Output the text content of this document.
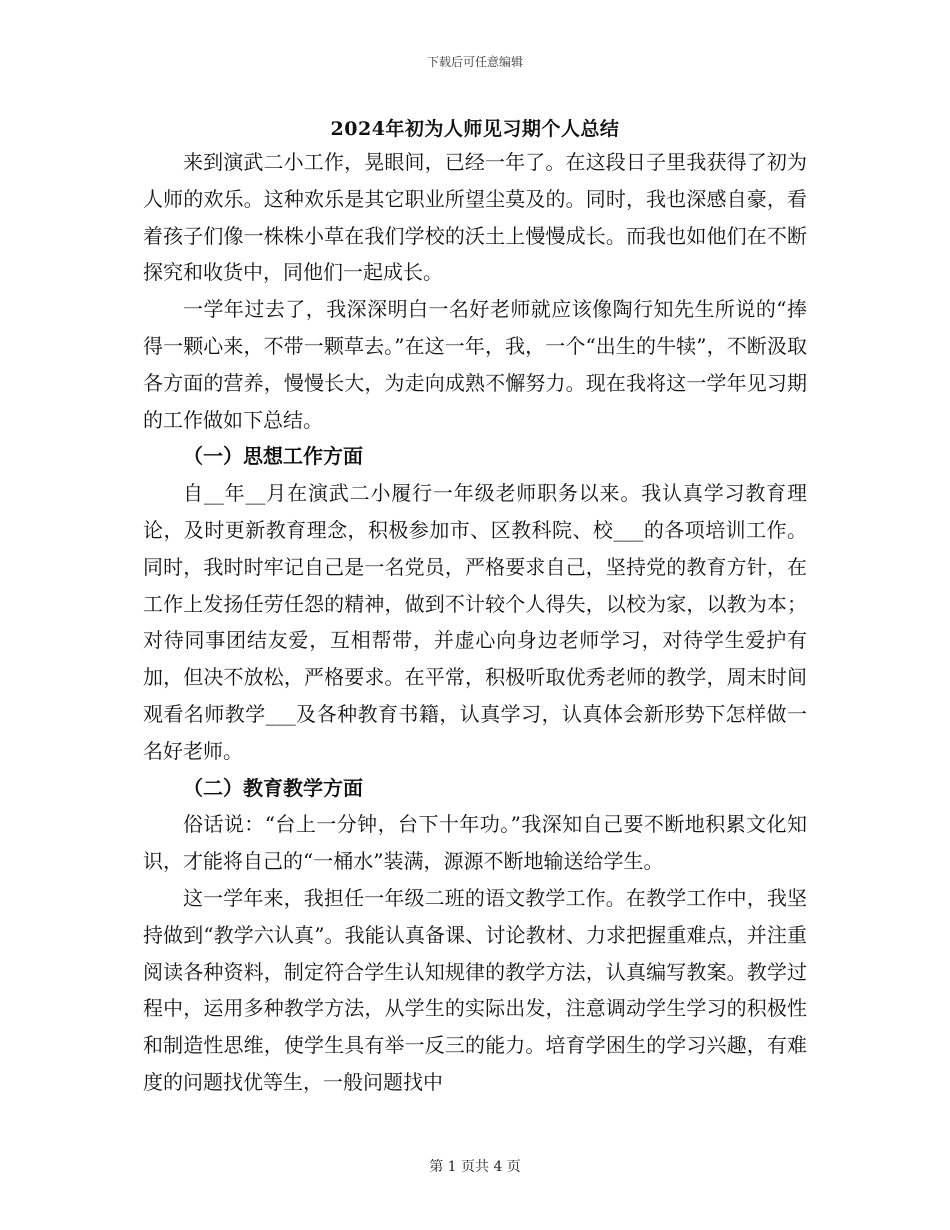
下载后可任意编辑
2024年初为人师见习期个人总结

来到演武二小工作，晃眼间，已经一年了。在这段日子里我获得了初为人师的欢乐。这种欢乐是其它职业所望尘莫及的。同时，我也深感自豪，看着孩子们像一株株小草在我们学校的沃土上慢慢成长。而我也如他们在不断探究和收货中，同他们一起成长。

一学年过去了，我深深明白一名好老师就应该像陶行知先生所说的“捧得一颗心来，不带一颗草去。”在这一年，我，一个“出生的牛犊”，不断汲取各方面的营养，慢慢长大，为走向成熟不懈努力。现在我将这一学年见习期的工作做如下总结。

（一）思想工作方面

自__年__月在演武二小履行一年级老师职务以来。我认真学习教育理论，及时更新教育理念，积极参加市、区教科院、校___的各项培训工作。同时，我时时牢记自己是一名党员，严格要求自己，坚持党的教育方针，在工作上发扬任劳任怨的精神，做到不计较个人得失，以校为家，以教为本；对待同事团结友爱，互相帮带，并虚心向身边老师学习，对待学生爱护有加，但决不放松，严格要求。在平常，积极听取优秀老师的教学，周末时间观看名师教学___及各种教育书籍，认真学习，认真体会新形势下怎样做一名好老师。

（二）教育教学方面

俗话说：“台上一分钟，台下十年功。”我深知自己要不断地积累文化知识，才能将自己的“一桶水”装满，源源不断地输送给学生。

这一学年来，我担任一年级二班的语文教学工作。在教学工作中，我坚持做到“教学六认真”。我能认真备课、讨论教材、力求把握重难点，并注重阅读各种资料，制定符合学生认知规律的教学方法，认真编写教案。教学过程中，运用多种教学方法，从学生的实际出发，注意调动学生学习的积极性和制造性思维，使学生具有举一反三的能力。培育学困生的学习兴趣，有难度的问题找优等生，一般问题找中

第 1 页共 4 页
